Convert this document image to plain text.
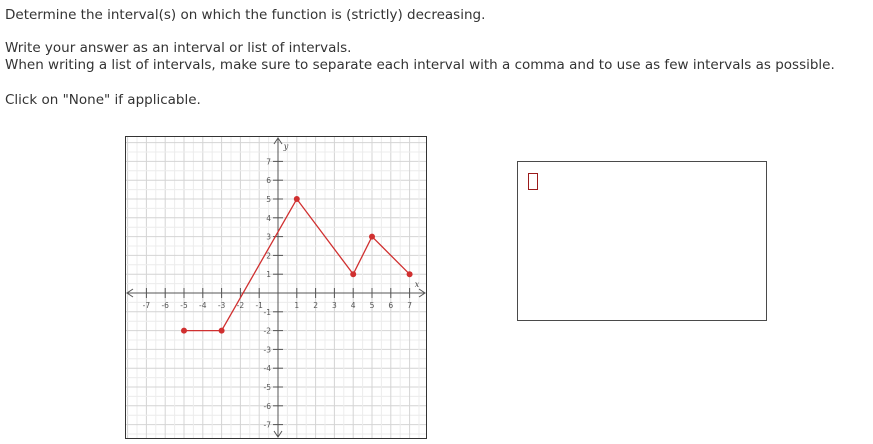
Determine the interval(s) on which the function is (strictly) decreasing.
Write your answer as an interval or list of intervals.
When writing a list of intervals, make sure to separate each interval with a comma and to use as few intervals as possible.
Click on "None" if applicable.
-7 -6 -5 -4 -3 -2 -1	1 2 3 4 5 6 7
-7
-6
-5
-4
-3
-2
-1
1
2
3
4
5
6
7
x
y
